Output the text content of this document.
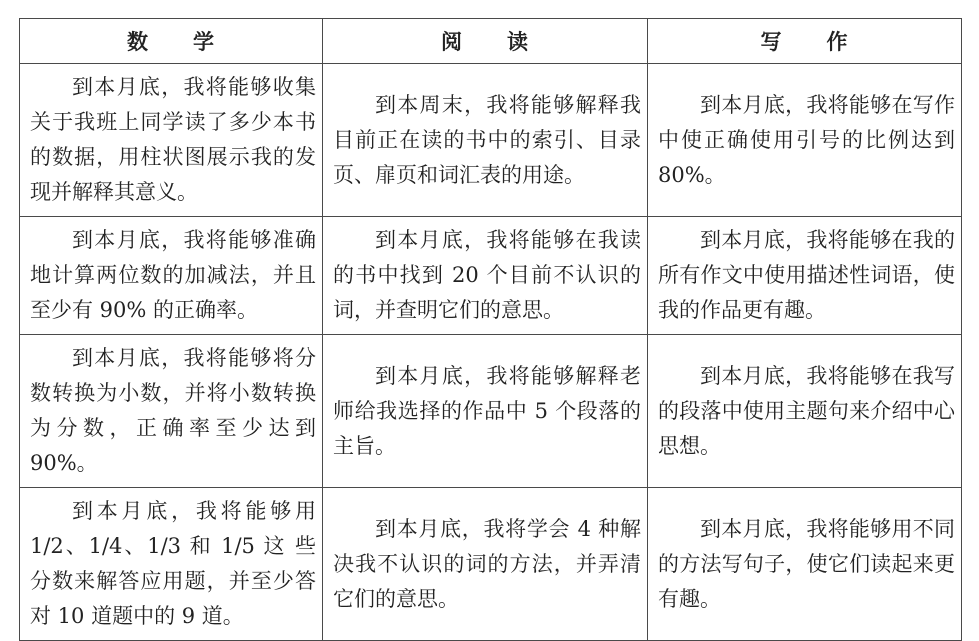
数　　学	阅　　读	写　　作

到本月底，我将能够收集关于我班上同学读了多少本书的数据，用柱状图展示我的发现并解释其意义。	到本周末，我将能够解释我目前正在读的书中的索引、目录页、扉页和词汇表的用途。	到本月底，我将能够在写作中使正确使用引号的比例达到 80%。

到本月底，我将能够准确地计算两位数的加减法，并且至少有 90% 的正确率。	到本月底，我将能够在我读的书中找到 20 个目前不认识的词，并查明它们的意思。	到本月底，我将能够在我的所有作文中使用描述性词语，使我的作品更有趣。

到本月底，我将能够将分数转换为小数，并将小数转换为分数，正确率至少达到 90%。	到本月底，我将能够解释老师给我选择的作品中 5 个段落的主旨。	到本月底，我将能够在我写的段落中使用主题句来介绍中心思想。

到本月底，我将能够用 1/2、1/4、1/3 和 1/5 这 些 分数来解答应用题，并至少答对 10 道题中的 9 道。	到本月底，我将学会 4 种解决我不认识的词的方法，并弄清它们的意思。	到本月底，我将能够用不同的方法写句子，使它们读起来更有趣。
